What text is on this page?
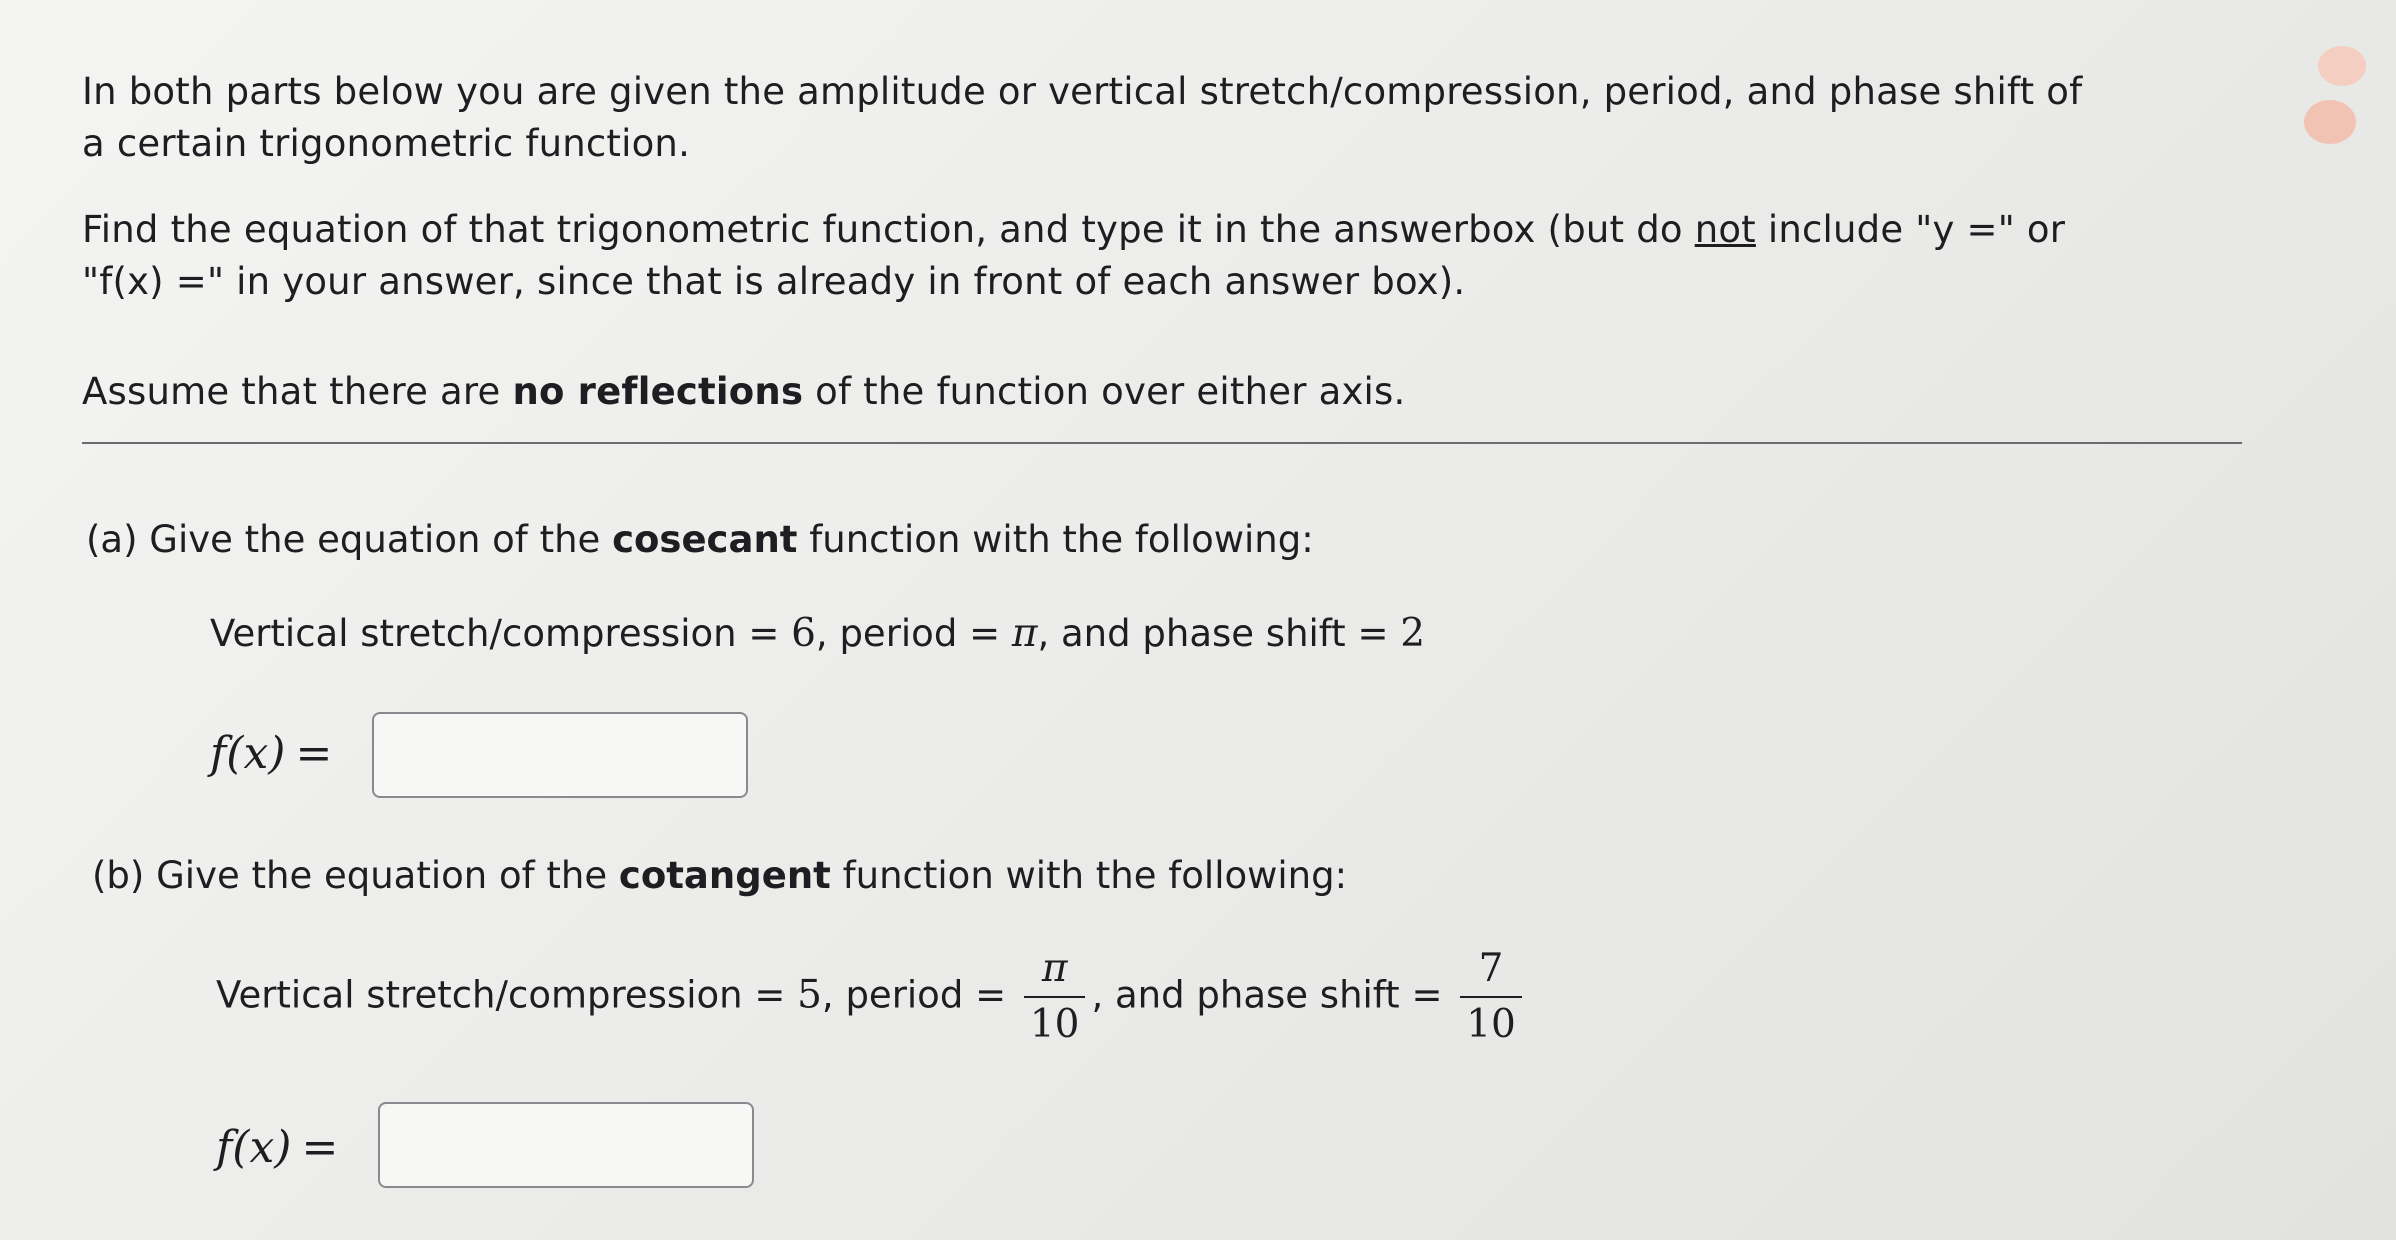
In both parts below you are given the amplitude or vertical stretch/compression, period, and phase shift of
a certain trigonometric function.

Find the equation of that trigonometric function, and type it in the answerbox (but do not include "y =" or
"f(x) =" in your answer, since that is already in front of each answer box).

Assume that there are no reflections of the function over either axis.

(a) Give the equation of the cosecant function with the following:
Vertical stretch/compression = 6, period = π, and phase shift = 2
f(x) =
(b) Give the equation of the cotangent function with the following:
Vertical stretch/compression = 5, period = $\frac{\pi}{10}$ , and phase shift = $\frac{7}{10}$
f(x) =
